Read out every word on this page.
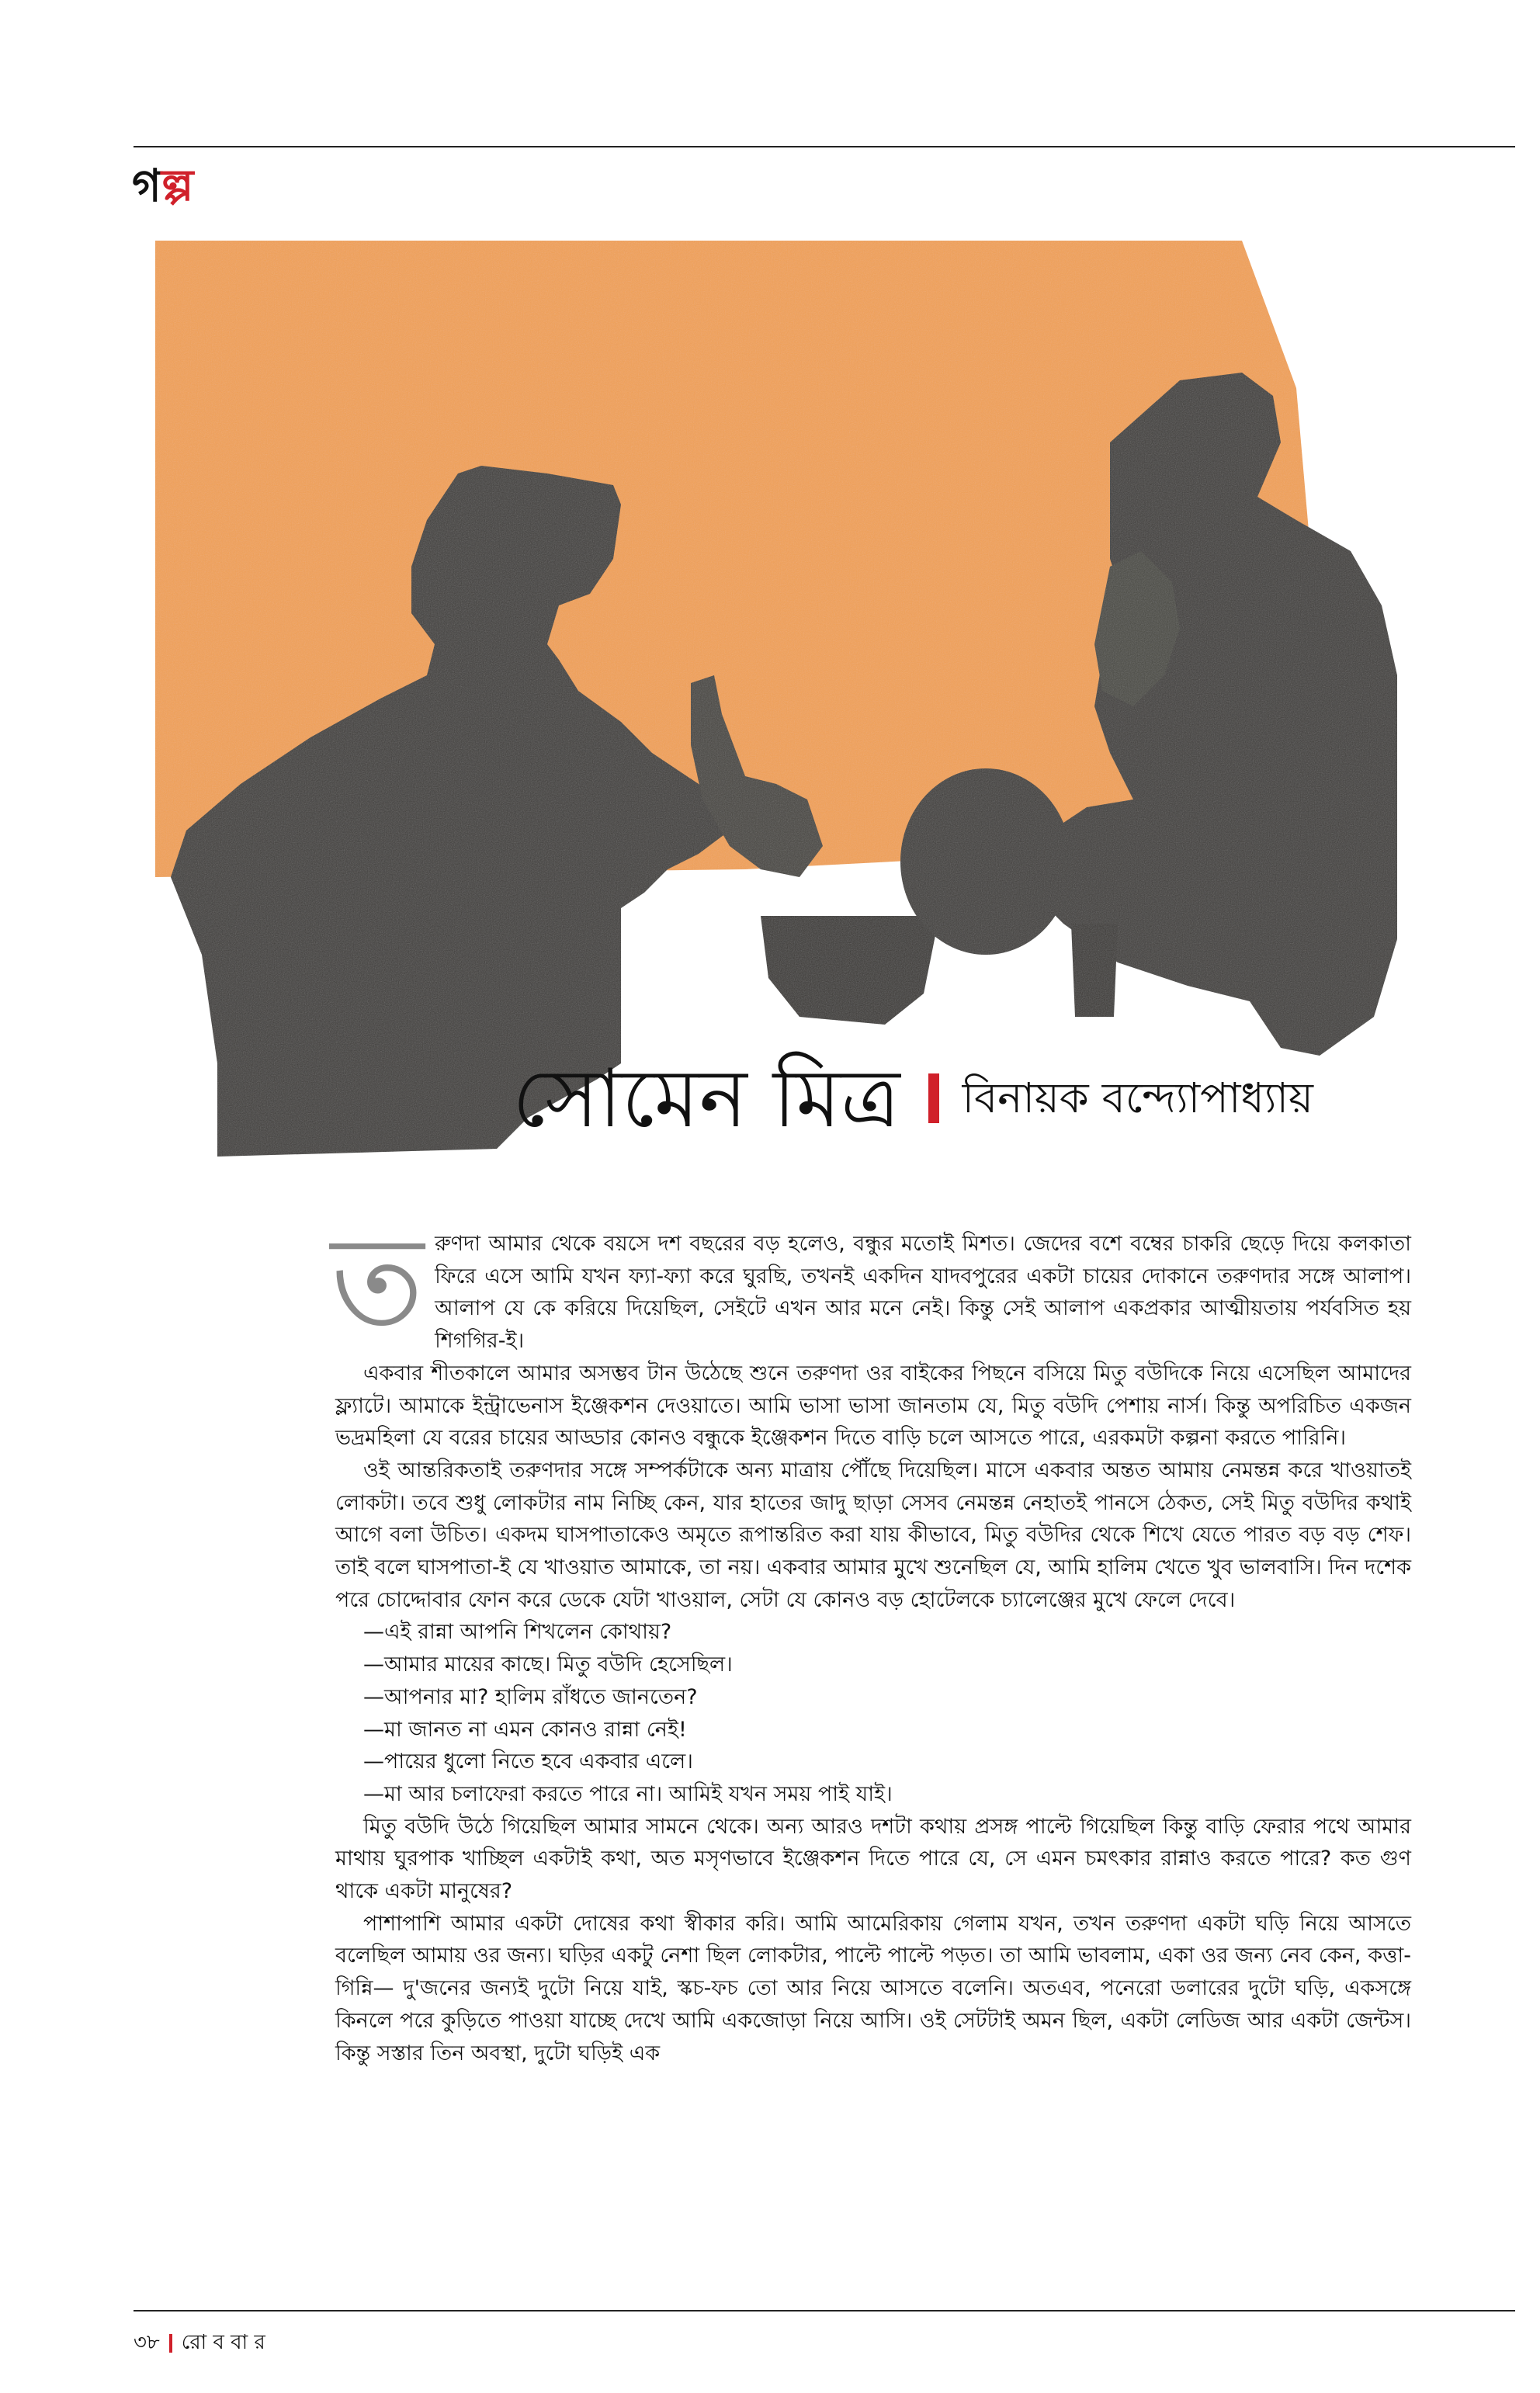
গল্প
সোমেন মিত্র বিনায়ক বন্দ্যোপাধ্যায়

তরুণদা আমার থেকে বয়সে দশ বছরের বড় হলেও, বন্ধুর মতোই মিশত। জেদের বশে বম্বের চাকরি ছেড়ে দিয়ে কলকাতা ফিরে এসে আমি যখন ফ্যা-ফ্যা করে ঘুরছি, তখনই একদিন যাদবপুরের একটা চায়ের দোকানে তরুণদার সঙ্গে আলাপ। আলাপ যে কে করিয়ে দিয়েছিল, সেইটে এখন আর মনে নেই। কিন্তু সেই আলাপ একপ্রকার আত্মীয়তায় পর্যবসিত হয় শিগগির-ই।

একবার শীতকালে আমার অসম্ভব টান উঠেছে শুনে তরুণদা ওর বাইকের পিছনে বসিয়ে মিতু বউদিকে নিয়ে এসেছিল আমাদের ফ্ল্যাটে। আমাকে ইন্ট্রাভেনাস ইঞ্জেকশন দেওয়াতে। আমি ভাসা ভাসা জানতাম যে, মিতু বউদি পেশায় নার্স। কিন্তু অপরিচিত একজন ভদ্রমহিলা যে বরের চায়ের আড্ডার কোনও বন্ধুকে ইঞ্জেকশন দিতে বাড়ি চলে আসতে পারে, এরকমটা কল্পনা করতে পারিনি।

ওই আন্তরিকতাই তরুণদার সঙ্গে সম্পর্কটাকে অন্য মাত্রায় পৌঁছে দিয়েছিল। মাসে একবার অন্তত আমায় নেমন্তন্ন করে খাওয়াতই লোকটা। তবে শুধু লোকটার নাম নিচ্ছি কেন, যার হাতের জাদু ছাড়া সেসব নেমন্তন্ন নেহাতই পানসে ঠেকত, সেই মিতু বউদির কথাই আগে বলা উচিত। একদম ঘাসপাতাকেও অমৃতে রূপান্তরিত করা যায় কীভাবে, মিতু বউদির থেকে শিখে যেতে পারত বড় বড় শেফ। তাই বলে ঘাসপাতা-ই যে খাওয়াত আমাকে, তা নয়। একবার আমার মুখে শুনেছিল যে, আমি হালিম খেতে খুব ভালবাসি। দিন দশেক পরে চোদ্দোবার ফোন করে ডেকে যেটা খাওয়াল, সেটা যে কোনও বড় হোটেলকে চ্যালেঞ্জের মুখে ফেলে দেবে।

—এই রান্না আপনি শিখলেন কোথায়?

—আমার মায়ের কাছে। মিতু বউদি হেসেছিল।

—আপনার মা? হালিম রাঁধতে জানতেন?

—মা জানত না এমন কোনও রান্না নেই!

—পায়ের ধুলো নিতে হবে একবার এলে।

—মা আর চলাফেরা করতে পারে না। আমিই যখন সময় পাই যাই।

মিতু বউদি উঠে গিয়েছিল আমার সামনে থেকে। অন্য আরও দশটা কথায় প্রসঙ্গ পাল্টে গিয়েছিল কিন্তু বাড়ি ফেরার পথে আমার মাথায় ঘুরপাক খাচ্ছিল একটাই কথা, অত মসৃণভাবে ইঞ্জেকশন দিতে পারে যে, সে এমন চমৎকার রান্নাও করতে পারে? কত গুণ থাকে একটা মানুষের?

পাশাপাশি আমার একটা দোষের কথা স্বীকার করি। আমি আমেরিকায় গেলাম যখন, তখন তরুণদা একটা ঘড়ি নিয়ে আসতে বলেছিল আমায় ওর জন্য। ঘড়ির একটু নেশা ছিল লোকটার, পাল্টে পাল্টে পড়ত। তা আমি ভাবলাম, একা ওর জন্য নেব কেন, কত্তা-গিন্নি— দু'জনের জন্যই দুটো নিয়ে যাই, স্কচ-ফচ তো আর নিয়ে আসতে বলেনি। অতএব, পনেরো ডলারের দুটো ঘড়ি, একসঙ্গে কিনলে পরে কুড়িতে পাওয়া যাচ্ছে দেখে আমি একজোড়া নিয়ে আসি। ওই সেটটাই অমন ছিল, একটা লেডিজ আর একটা জেন্টস। কিন্তু সস্তার তিন অবস্থা, দুটো ঘড়িই এক

৩৮ রো ব বা র
